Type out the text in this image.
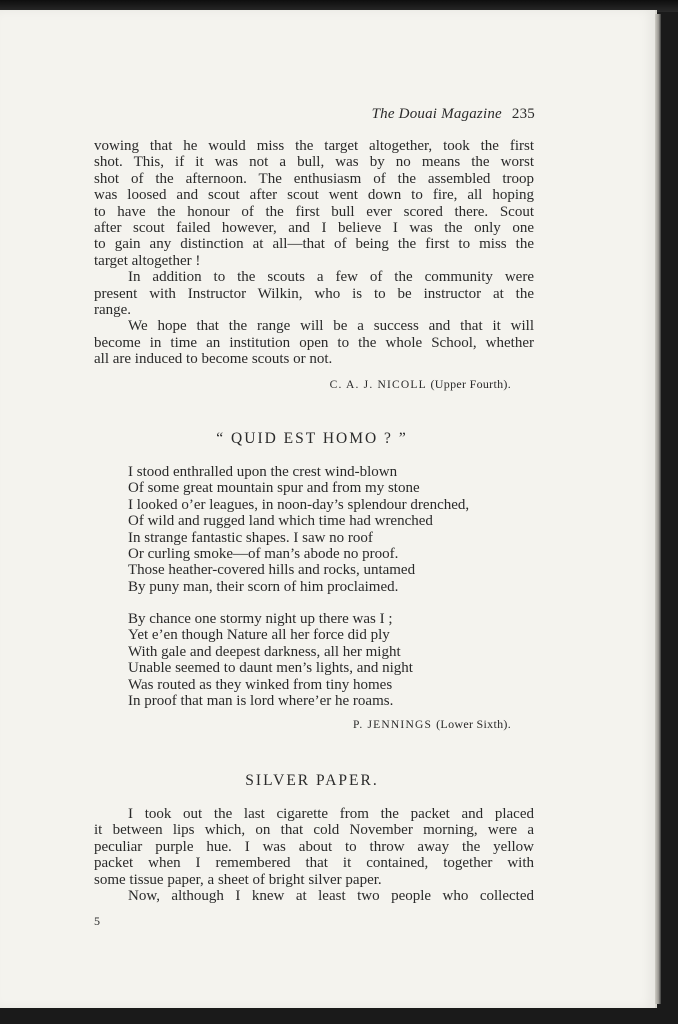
The Douai Magazine 235
vowing that he would miss the target altogether, took the first
shot. This, if it was not a bull, was by no means the worst
shot of the afternoon. The enthusiasm of the assembled troop
was loosed and scout after scout went down to fire, all hoping
to have the honour of the first bull ever scored there. Scout
after scout failed however, and I believe I was the only one
to gain any distinction at all—that of being the first to miss the
target altogether !
In addition to the scouts a few of the community were
present with Instructor Wilkin, who is to be instructor at the
range.
We hope that the range will be a success and that it will
become in time an institution open to the whole School, whether
all are induced to become scouts or not.
C. A. J. NICOLL (Upper Fourth).
“ QUID EST HOMO ? ”
I stood enthralled upon the crest wind-blown
Of some great mountain spur and from my stone
I looked o’er leagues, in noon-day’s splendour drenched,
Of wild and rugged land which time had wrenched
In strange fantastic shapes. I saw no roof
Or curling smoke—of man’s abode no proof.
Those heather-covered hills and rocks, untamed
By puny man, their scorn of him proclaimed.
By chance one stormy night up there was I ;
Yet e’en though Nature all her force did ply
With gale and deepest darkness, all her might
Unable seemed to daunt men’s lights, and night
Was routed as they winked from tiny homes
In proof that man is lord where’er he roams.
P. JENNINGS (Lower Sixth).
SILVER PAPER.
I took out the last cigarette from the packet and placed
it between lips which, on that cold November morning, were a
peculiar purple hue. I was about to throw away the yellow
packet when I remembered that it contained, together with
some tissue paper, a sheet of bright silver paper.
Now, although I knew at least two people who collected
5
